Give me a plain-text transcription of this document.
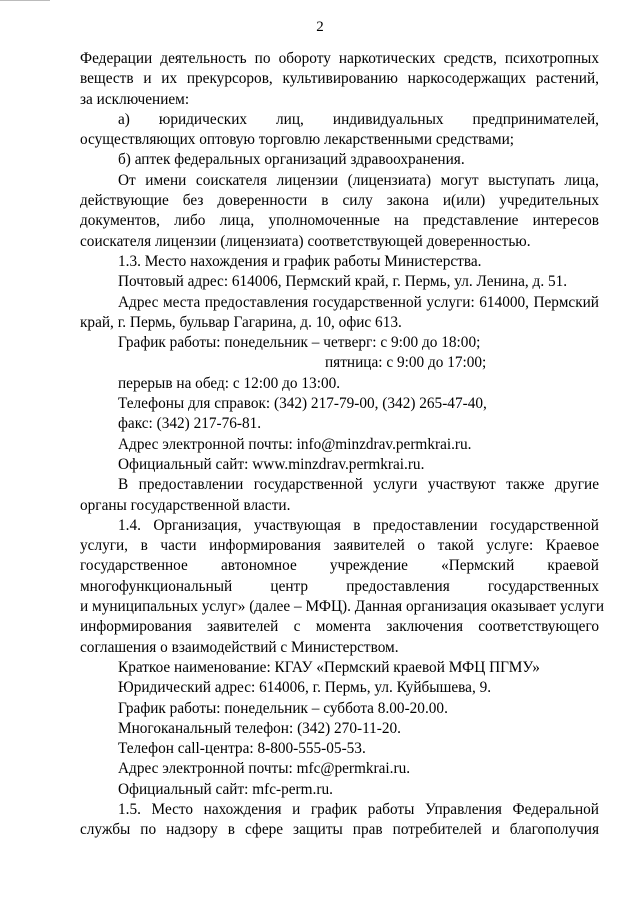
2
Федерации деятельность по обороту наркотических средств, психотропных
веществ и их прекурсоров, культивированию наркосодержащих растений,
за исключением:
а) юридических лиц, индивидуальных предпринимателей,
осуществляющих оптовую торговлю лекарственными средствами;
б) аптек федеральных организаций здравоохранения.
От имени соискателя лицензии (лицензиата) могут выступать лица,
действующие без доверенности в силу закона и(или) учредительных
документов, либо лица, уполномоченные на представление интересов
соискателя лицензии (лицензиата) соответствующей доверенностью.
1.3. Место нахождения и график работы Министерства.
Почтовый адрес: 614006, Пермский край, г. Пермь, ул. Ленина, д. 51.
Адрес места предоставления государственной услуги: 614000, Пермский
край, г. Пермь, бульвар Гагарина, д. 10, офис 613.
График работы: понедельник – четверг: с 9:00 до 18:00;
пятница: с 9:00 до 17:00;
перерыв на обед: с 12:00 до 13:00.
Телефоны для справок: (342) 217-79-00, (342) 265-47-40,
факс: (342) 217-76-81.
Адрес электронной почты: info@minzdrav.permkrai.ru.
Официальный сайт: www.minzdrav.permkrai.ru.
В предоставлении государственной услуги участвуют также другие
органы государственной власти.
1.4. Организация, участвующая в предоставлении государственной
услуги, в части информирования заявителей о такой услуге: Краевое
государственное автономное учреждение «Пермский краевой
многофункциональный центр предоставления государственных
и муниципальных услуг» (далее – МФЦ). Данная организация оказывает услуги
информирования заявителей с момента заключения соответствующего
соглашения о взаимодействий с Министерством.
Краткое наименование: КГАУ «Пермский краевой МФЦ ПГМУ»
Юридический адрес: 614006, г. Пермь, ул. Куйбышева, 9.
График работы: понедельник – суббота 8.00-20.00.
Многоканальный телефон: (342) 270-11-20.
Телефон call-центра: 8-800-555-05-53.
Адрес электронной почты: mfc@permkrai.ru.
Официальный сайт: mfc-perm.ru.
1.5. Место нахождения и график работы Управления Федеральной
службы по надзору в сфере защиты прав потребителей и благополучия
